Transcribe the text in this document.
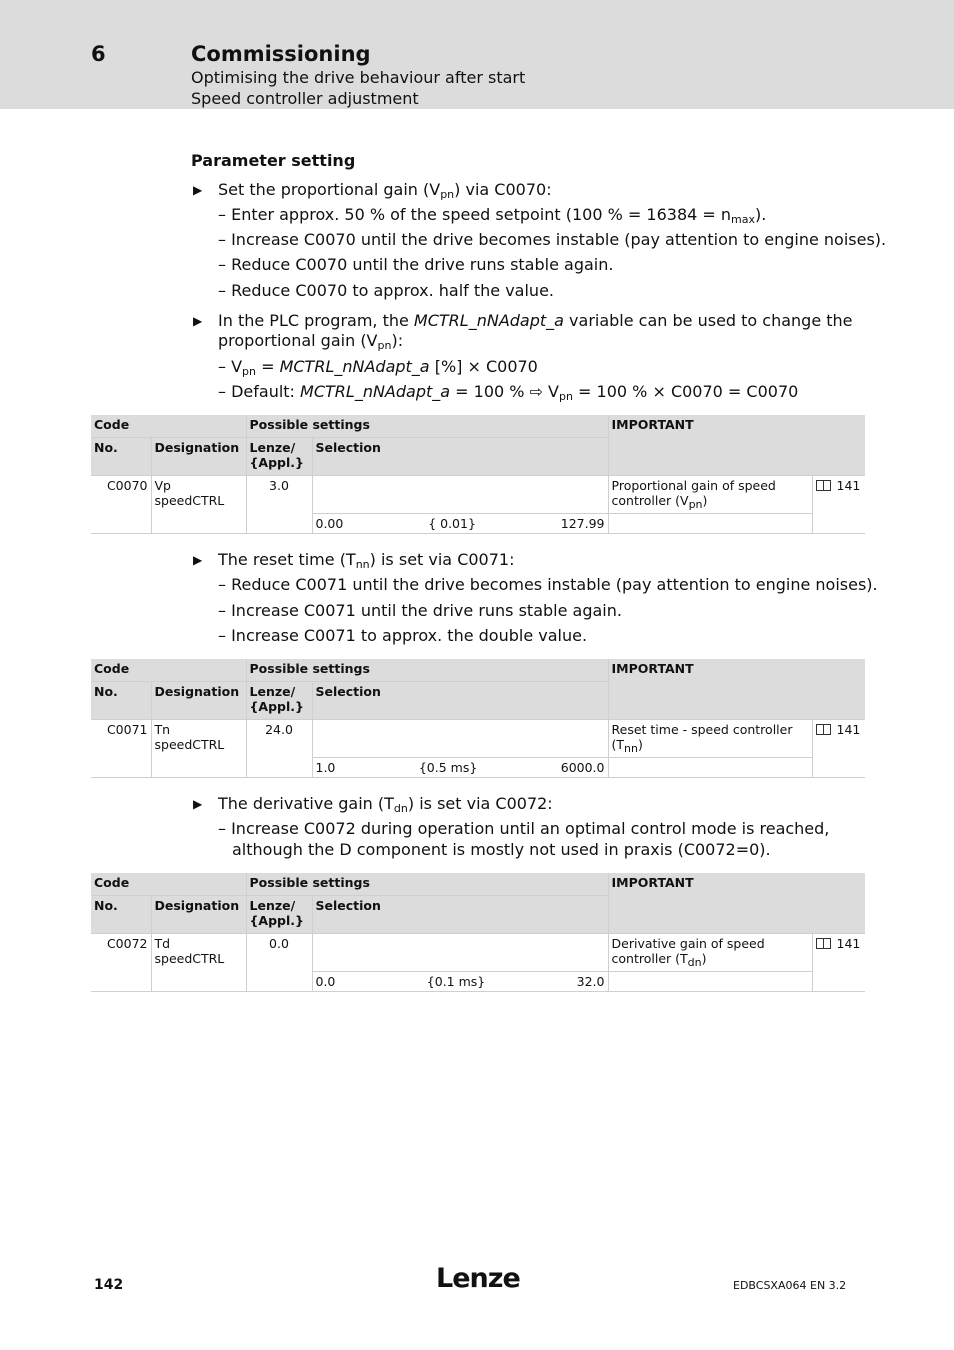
6	Commissioning
Optimising the drive behaviour after start
Speed controller adjustment
Parameter setting
▶ Set the proportional gain $(V_{pn})$ via C0070:
– Enter approx. 50 % of the speed setpoint (100 % = $16384 = n_{max}$).
– Increase C0070 until the drive becomes instable (pay attention to engine noises).
– Reduce C0070 until the drive runs stable again.
– Reduce C0070 to approx. half the value.
▶ In the PLC program, the MCTRL_nNAdapt_a variable can be used to change the
proportional gain $(V_{pn})$:
– $V_{pn}$ = MCTRL_nNAdapt_a [%] × C0070
– Default: MCTRL_nNAdapt_a = 100 % ⇨ $V_{pn} = 100$ % × C0070 = C0070
Code		Possible settings		IMPORTANT	
No.	Designation	Lenze/
{Appl.}	Selection		
C0070	Vp speedCTRL	3.0		Proportional gain of speed
controller $(V_{pn})$	141

			0.00 { 0.01} 127.99		

▶ The reset time $(T_{nn})$ is set via C0071:
– Reduce C0071 until the drive becomes instable (pay attention to engine noises).
– Increase C0071 until the drive runs stable again.
– Increase C0071 to approx. the double value.
Code		Possible settings		IMPORTANT	
No.	Designation	Lenze/
{Appl.}	Selection		
C0071	Tn speedCTRL	24.0		Reset time - speed controller
$(T_{nn})$	141

			1.0 {0.5 ms} 6000.0		

▶ The derivative gain $(T_{dn})$ is set via C0072:
– Increase C0072 during operation until an optimal control mode is reached,
although the D component is mostly not used in praxis (C0072=0).
Code		Possible settings		IMPORTANT	
No.	Designation	Lenze/
{Appl.}	Selection		
C0072	Td speedCTRL	0.0		Derivative gain of speed
controller $(T_{dn})$	141

			0.0 {0.1 ms} 32.0		

142	Lenze	EDBCSXA064 EN 3.2
